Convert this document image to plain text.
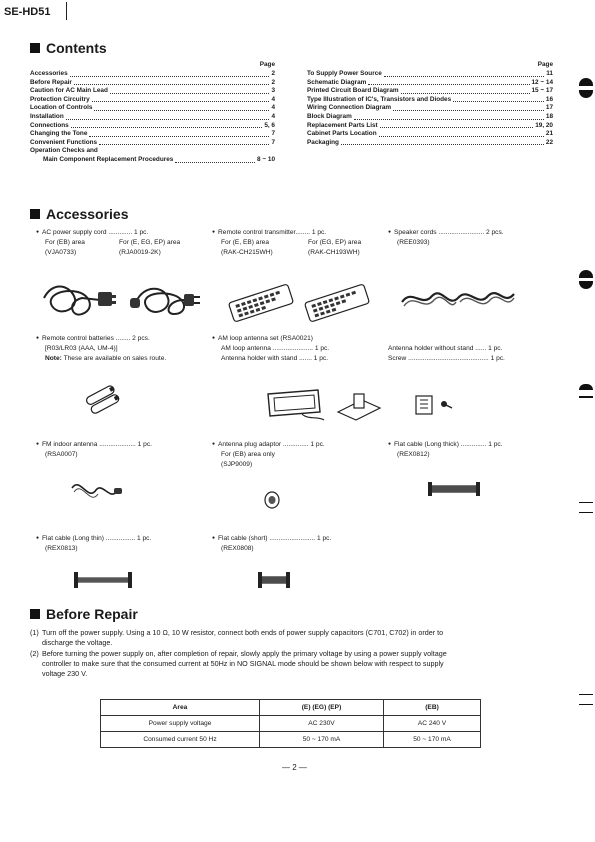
SE-HD51
Contents
Page	Page
Accessories	2
Before Repair	2
Caution for AC Main Lead	3
Protection Circuitry	4
Location of Controls	4
Installation	4
Connections	5, 6
Changing the Tone	7
Convenient Functions	7
Operation Checks and
Main Component Replacement Procedures	8 ~ 10
To Supply Power Source	11
Schematic Diagram	12 ~ 14
Printed Circuit Board Diagram	15 ~ 17
Type Illustration of IC's, Transistors and Diodes	16
Wiring Connection Diagram	17
Block Diagram	18
Replacement Parts List	19, 20
Cabinet Parts Location	21
Packaging	22
Accessories
● AC power supply cord ............. 1 pc.
For (EB) area	For (E, EG, EP) area
(VJA0733)	(RJA0019-2K)
● Remote control transmitter........ 1 pc.
For (E, EB) area	For (EG, EP) area
(RAK-CH215WH)	(RAK-CH193WH)
● Speaker cords ......................... 2 pcs.
(REE0393)
● Remote control batteries ........ 2 pcs.
[R03/LR03 (AAA, UM-4)]
Note: These are available on sales route.
● AM loop antenna set (RSA0021)
AM loop antenna ...................... 1 pc.
Antenna holder with stand ....... 1 pc.
Antenna holder without stand ...... 1 pc.
Screw ............................................ 1 pc.
● FM indoor antenna .................... 1 pc.
(RSA0007)
● Antenna plug adaptor .............. 1 pc.
For (EB) area only
(SJP9009)
● Flat cable (Long thick) .............. 1 pc.
(REX0812)
● Flat cable (Long thin) ................ 1 pc.
(REX0813)
● Flat cable (short) ......................... 1 pc.
(REX0808)
Before Repair
(1) Turn off the power supply. Using a 10 Ω, 10 W resistor, connect both ends of power supply capacitors (C701, C702) in order to
discharge the voltage.
(2) Before turning the power supply on, after completion of repair, slowly apply the primary voltage by using a power supply voltage
controller to make sure that the consumed current at 50Hz in NO SIGNAL mode should be shown below with respect to supply
voltage 230 V.
Area	(E) (EG) (EP)	(EB)
Power supply voltage	AC 230V	AC 240 V
Consumed current 50 Hz	50 ~ 170 mA	50 ~ 170 mA
— 2 —
